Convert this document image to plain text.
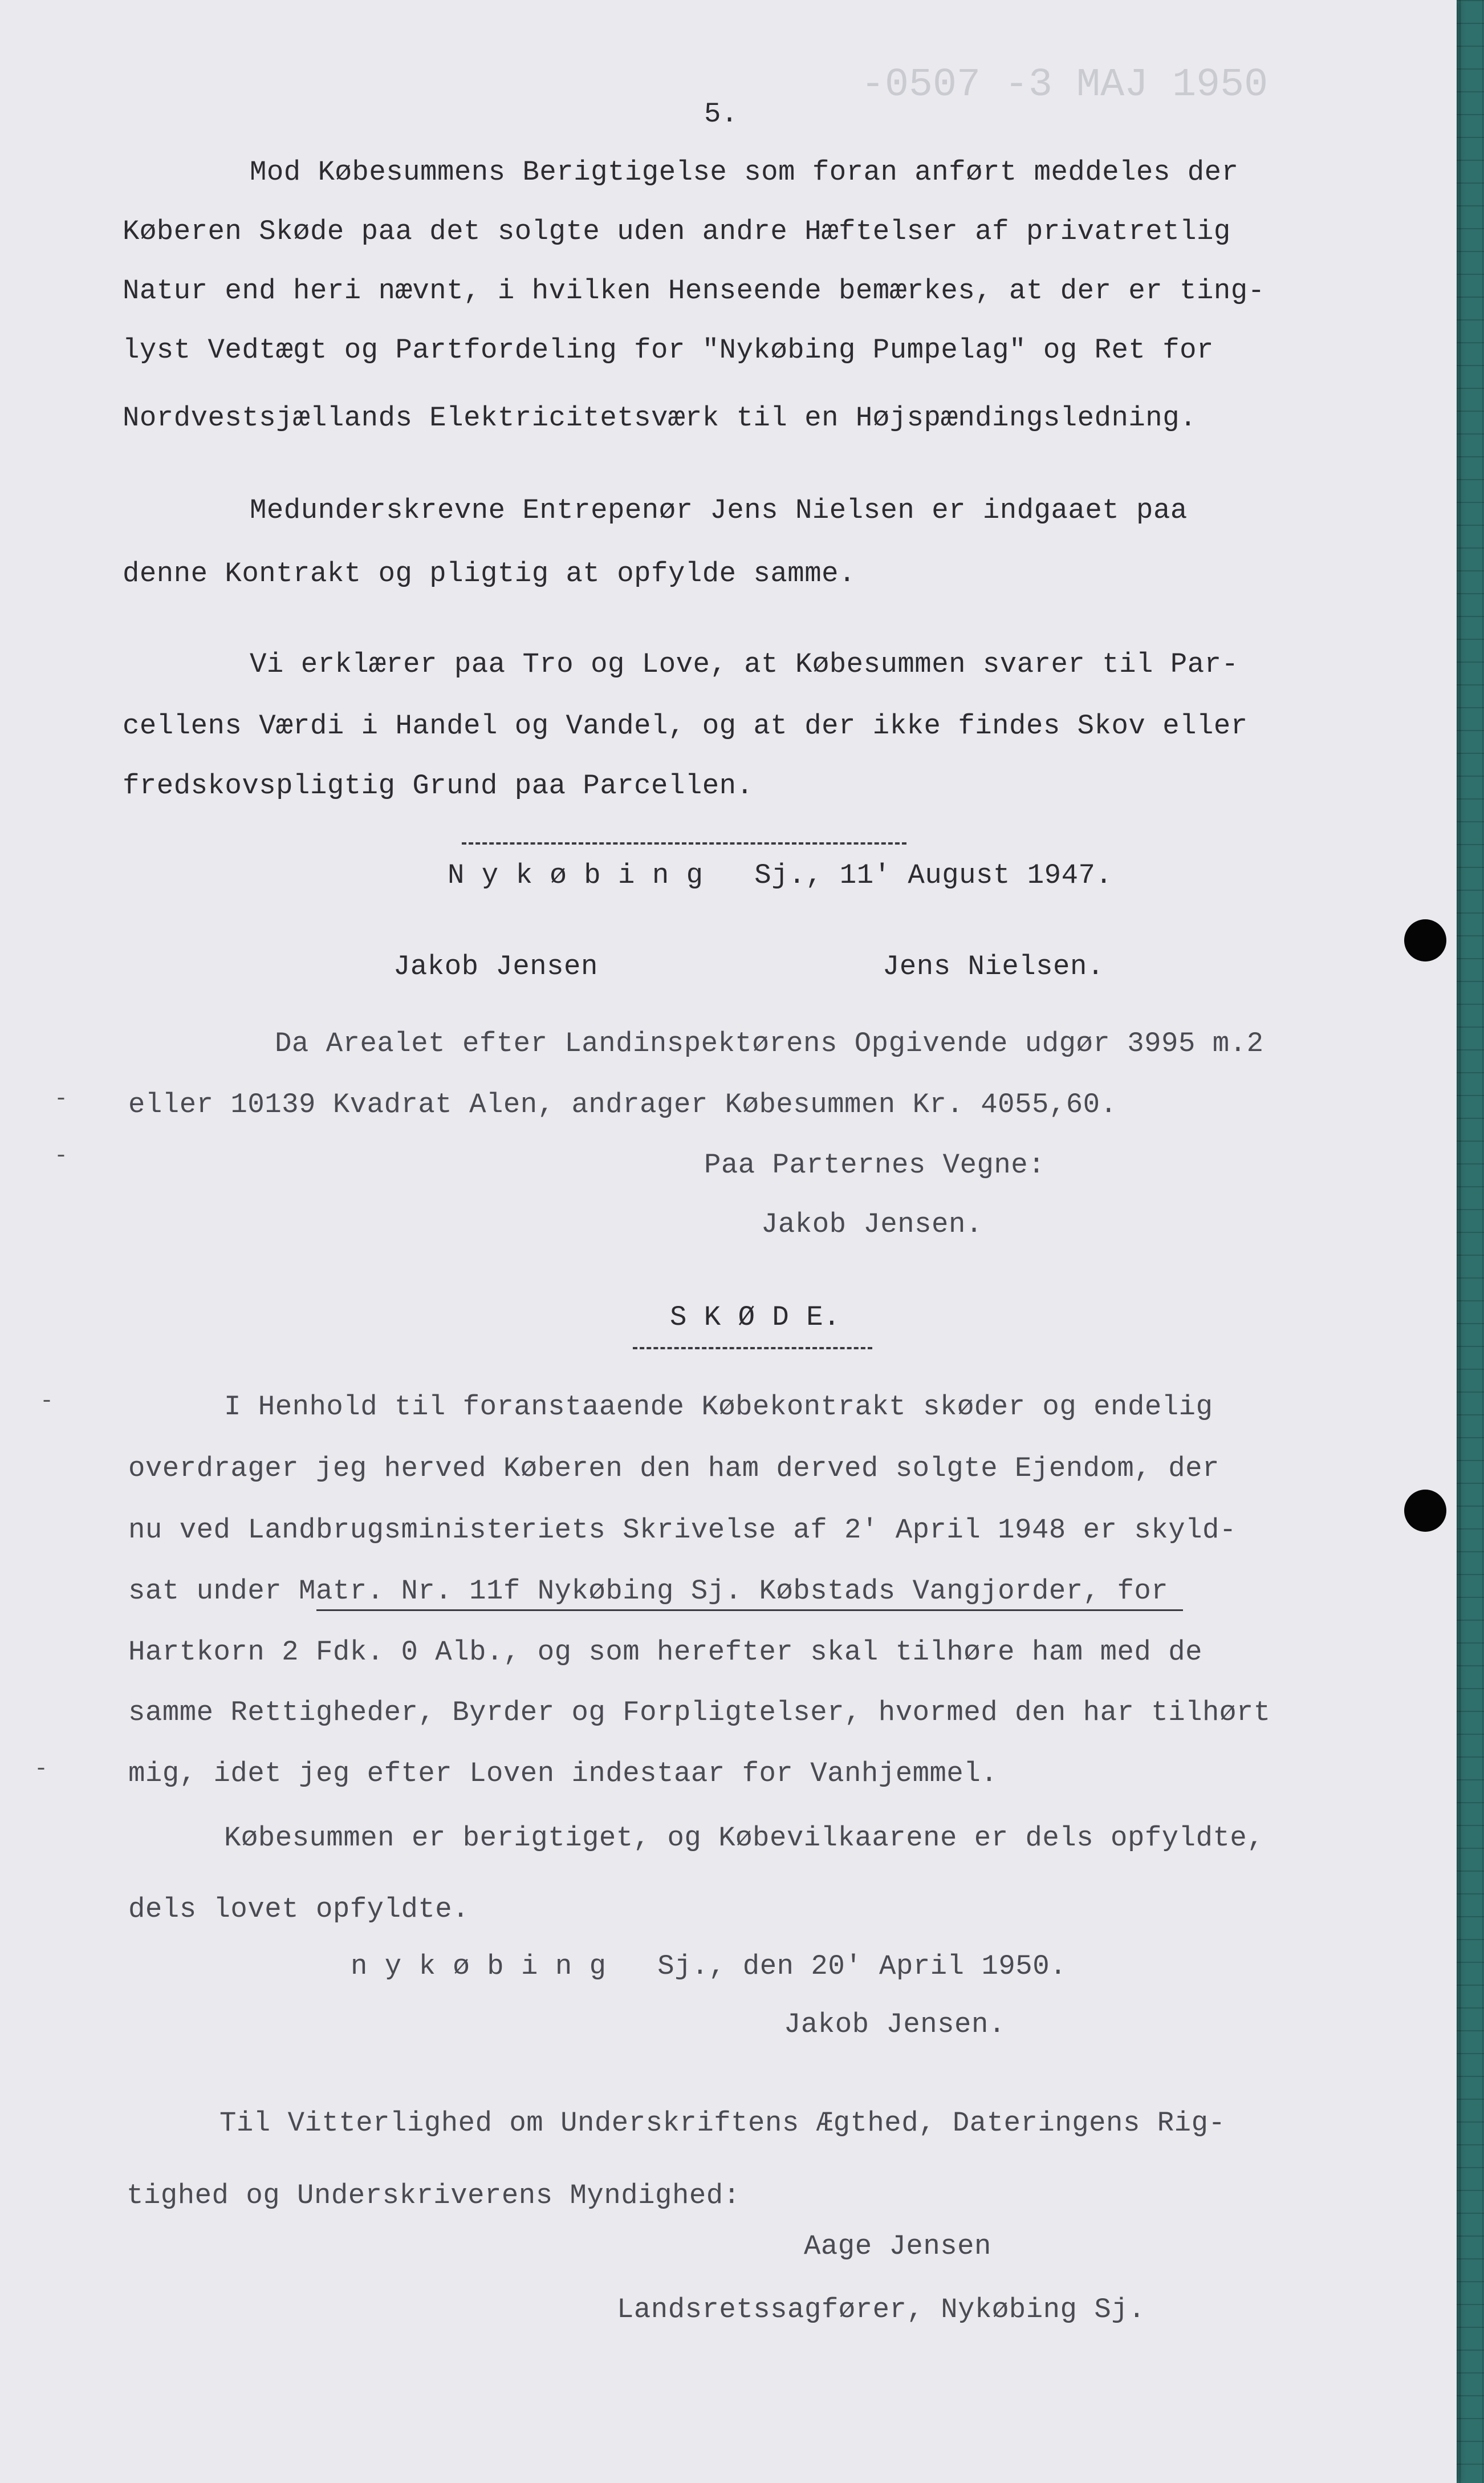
-0507 -3 MAJ 1950
5.
Mod Købesummens Berigtigelse som foran anført meddeles der
Køberen Skøde paa det solgte uden andre Hæftelser af privatretlig
Natur end heri nævnt, i hvilken Henseende bemærkes, at der er ting-
lyst Vedtægt og Partfordeling for "Nykøbing Pumpelag" og Ret for
Nordvestsjællands Elektricitetsværk til en Højspændingsledning.
Medunderskrevne Entrepenør Jens Nielsen er indgaaet paa
denne Kontrakt og pligtig at opfylde samme.
Vi erklærer paa Tro og Love, at Købesummen svarer til Par-
cellens Værdi i Handel og Vandel, og at der ikke findes Skov eller
fredskovspligtig Grund paa Parcellen.
N y k ø b i n g   Sj., 11' August 1947.
Jakob Jensen	Jens Nielsen.
Da Arealet efter Landinspektørens Opgivende udgør 3995 m.2
eller 10139 Kvadrat Alen, andrager Købesummen Kr. 4055,60.
Paa Parternes Vegne:
Jakob Jensen.
S K Ø D E.
I Henhold til foranstaaende Købekontrakt skøder og endelig
overdrager jeg herved Køberen den ham derved solgte Ejendom, der
nu ved Landbrugsministeriets Skrivelse af 2' April 1948 er skyld-
sat under Matr. Nr. 11f Nykøbing Sj. Købstads Vangjorder, for
Hartkorn 2 Fdk. 0 Alb., og som herefter skal tilhøre ham med de
samme Rettigheder, Byrder og Forpligtelser, hvormed den har tilhørt
mig, idet jeg efter Loven indestaar for Vanhjemmel.
Købesummen er berigtiget, og Købevilkaarene er dels opfyldte,
dels lovet opfyldte.
n y k ø b i n g   Sj., den 20' April 1950.
Jakob Jensen.
Til Vitterlighed om Underskriftens Ægthed, Dateringens Rig-
tighed og Underskriverens Myndighed:
Aage Jensen
Landsretssagfører, Nykøbing Sj.
-
-
-
-
